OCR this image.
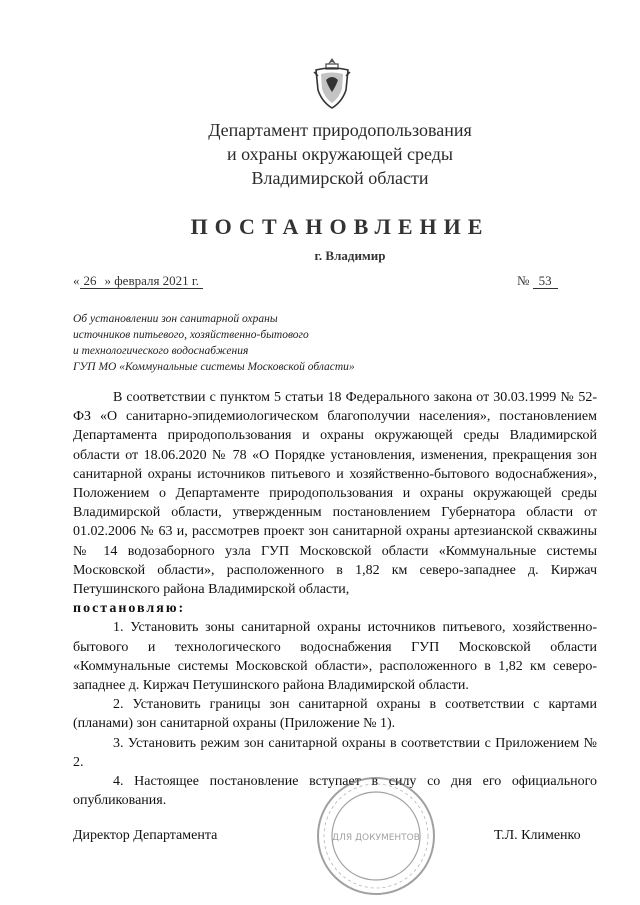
Департамент природопользования
и охраны окружающей среды
Владимирской области
ПОСТАНОВЛЕНИЕ
г. Владимир
« 26 » февраля 2021 г.	№ 53
Об установлении зон санитарной охраны
источников питьевого, хозяйственно-бытового
и технологического водоснабжения
ГУП МО «Коммунальные системы Московской области»

В соответствии с пунктом 5 статьи 18 Федерального закона от 30.03.1999 № 52-ФЗ «О санитарно-эпидемиологическом благополучии населения», постановлением Департамента природопользования и охраны окружающей среды Владимирской области от 18.06.2020 № 78 «О Порядке установления, изменения, прекращения зон санитарной охраны источников питьевого и хозяйственно-бытового водоснабжения», Положением о Департаменте природопользования и охраны окружающей среды Владимирской области, утвержденным постановлением Губернатора области от 01.02.2006 № 63 и, рассмотрев проект зон санитарной охраны артезианской скважины № 14 водозаборного узла ГУП Московской области «Коммунальные системы Московской области», расположенного в 1,82 км северо-западнее д. Киржач Петушинского района Владимирской области,

постановляю:

1. Установить зоны санитарной охраны источников питьевого, хозяйственно-бытового и технологического водоснабжения ГУП Московской области «Коммунальные системы Московской области», расположенного в 1,82 км северо-западнее д. Киржач Петушинского района Владимирской области.

2. Установить границы зон санитарной охраны в соответствии с картами (планами) зон санитарной охраны (Приложение № 1).

3. Установить режим зон санитарной охраны в соответствии с Приложением № 2.

4. Настоящее постановление вступает в силу со дня его официального опубликования.

Директор Департамента	Т.Л. Клименко
ДЛЯ ДОКУМЕНТОВ
